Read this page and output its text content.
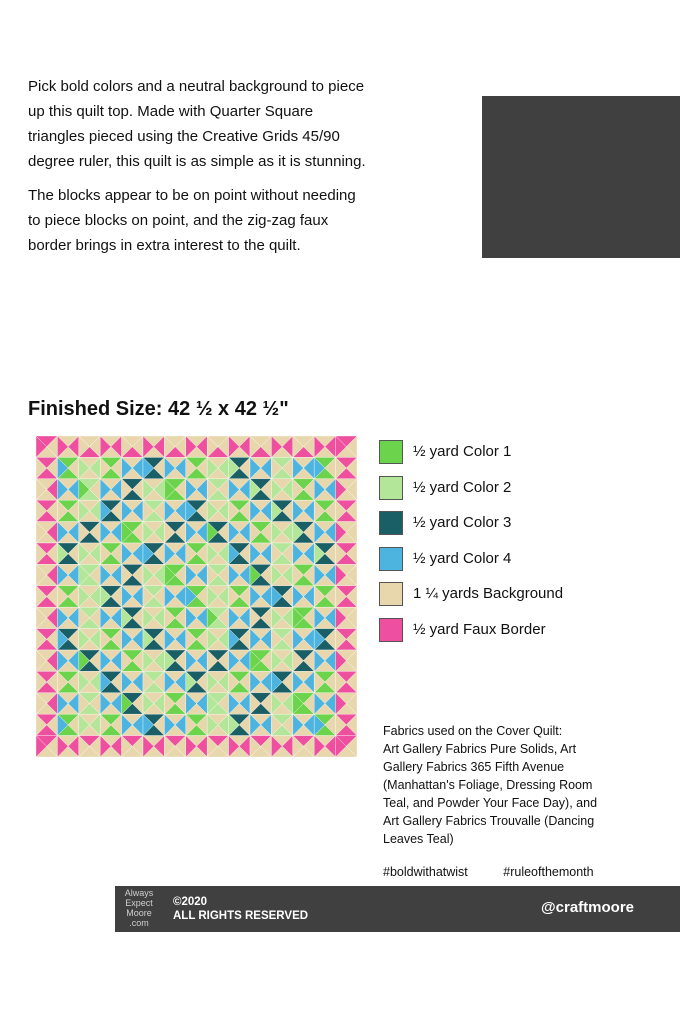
Pick bold colors and a neutral background to piece up this quilt top. Made with Quarter Square triangles pieced using the Creative Grids 45/90 degree ruler, this quilt is as simple as it is stunning.

The blocks appear to be on point without needing to piece blocks on point, and the zig-zag faux border brings in extra interest to the quilt.

Finished Size: 42 ½ x 42 ½"
½ yard Color 1
½ yard Color 2
½ yard Color 3
½ yard Color 4
1 ¼ yards Background
½ yard Faux Border
Fabrics used on the Cover Quilt:
Art Gallery Fabrics Pure Solids, Art
Gallery Fabrics 365 Fifth Avenue
(Manhattan's Foliage, Dressing Room
Teal, and Powder Your Face Day), and
Art Gallery Fabrics Trouvalle (Dancing
Leaves Teal)
#boldwithatwist	#ruleofthemonth
Always
Expect
Moore
.com
©2020
ALL RIGHTS RESERVED	@craftmoore
